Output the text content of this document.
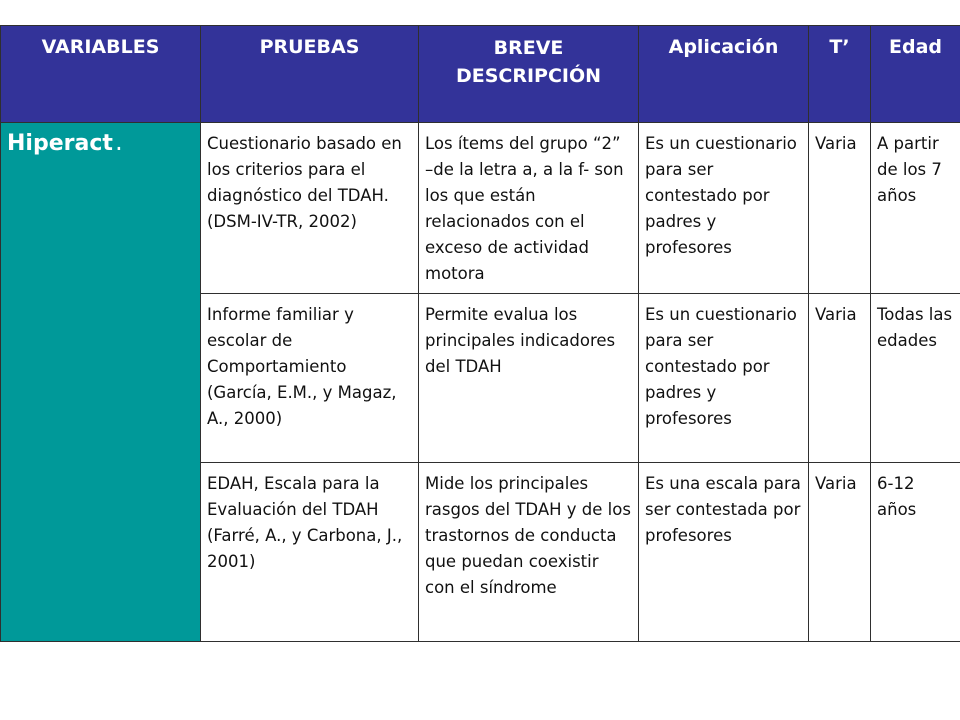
VARIABLES	PRUEBAS	BREVE DESCRIPCIÓN	Aplicación	T’	Edad
Hiperact.	Cuestionario basado en los criterios para el diagnóstico del TDAH. (DSM-IV-TR, 2002)	Los ítems del grupo “2” –de la letra a, a la f- son los que están relacionados con el exceso de actividad motora	Es un cuestionario para ser contestado por padres y profesores	Varia	A partir de los 7 años
	Informe familiar y escolar de Comportamiento (García, E.M., y Magaz, A., 2000)	Permite evalua los principales indicadores del TDAH	Es un cuestionario para ser contestado por padres y profesores	Varia	Todas las edades
	EDAH, Escala para la Evaluación del TDAH (Farré, A., y Carbona, J., 2001)	Mide los principales rasgos del TDAH y de los trastornos de conducta que puedan coexistir con el síndrome	Es una escala para ser contestada por profesores	Varia	6-12 años
